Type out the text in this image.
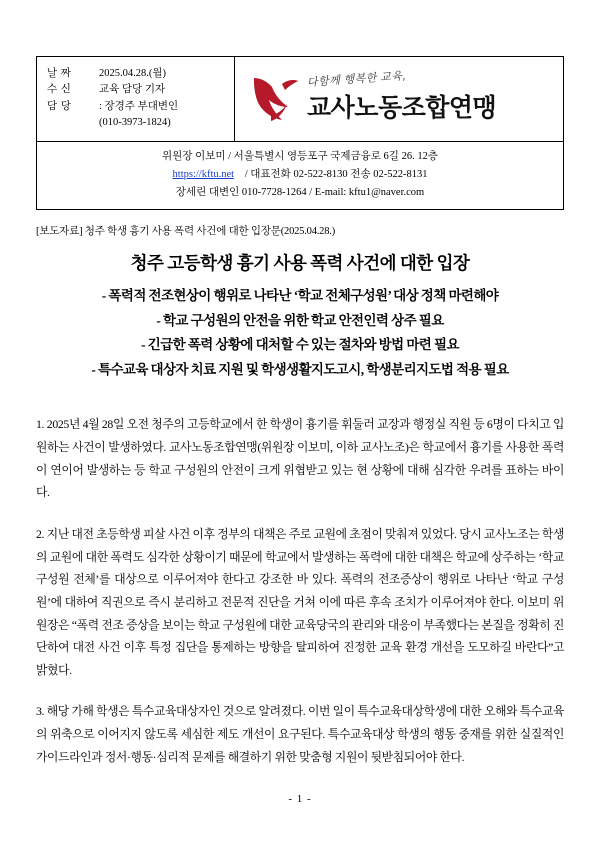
날 짜	2025.04.28.(월)
수 신	교육 담당 기자
담 당	: 장경주 부대변인
(010-3973-1824)
다함께 행복한 교육,
교사노동조합연맹
위원장 이보미 / 서울특별시 영등포구 국제금융로 6길 26. 12층
https://kftu.net / 대표전화 02-522-8130 전송 02-522-8131
장세린 대변인 010-7728-1264 / E-mail: kftu1@naver.com
[보도자료] 청주 학생 흉기 사용 폭력 사건에 대한 입장문(2025.04.28.)
청주 고등학생 흉기 사용 폭력 사건에 대한 입장
- 폭력적 전조현상이 행위로 나타난 ‘학교 전체구성원’ 대상 정책 마련해야
- 학교 구성원의 안전을 위한 학교 안전인력 상주 필요
- 긴급한 폭력 상황에 대처할 수 있는 절차와 방법 마련 필요
- 특수교육 대상자 치료 지원 및 학생생활지도고시, 학생분리지도법 적용 필요

1. 2025년 4월 28일 오전 청주의 고등학교에서 한 학생이 흉기를 휘둘러 교장과 행정실 직원 등 6명이 다치고 입원하는 사건이 발생하였다. 교사노동조합연맹(위원장 이보미, 이하 교사노조)은 학교에서 흉기를 사용한 폭력이 연이어 발생하는 등 학교 구성원의 안전이 크게 위협받고 있는 현 상황에 대해 심각한 우려를 표하는 바이다.

2. 지난 대전 초등학생 피살 사건 이후 정부의 대책은 주로 교원에 초점이 맞춰져 있었다. 당시 교사노조는 학생의 교원에 대한 폭력도 심각한 상황이기 때문에 학교에서 발생하는 폭력에 대한 대책은 학교에 상주하는 ‘학교 구성원 전체’를 대상으로 이루어져야 한다고 강조한 바 있다. 폭력의 전조증상이 행위로 나타난 ‘학교 구성원’에 대하여 직권으로 즉시 분리하고 전문적 진단을 거쳐 이에 따른 후속 조치가 이루어져야 한다. 이보미 위원장은 “폭력 전조 증상을 보이는 학교 구성원에 대한 교육당국의 관리와 대응이 부족했다는 본질을 정확히 진단하여 대전 사건 이후 특정 집단을 통제하는 방향을 탈피하여 진정한 교육 환경 개선을 도모하길 바란다”고 밝혔다.

3. 해당 가해 학생은 특수교육대상자인 것으로 알려졌다. 이번 일이 특수교육대상학생에 대한 오해와 특수교육의 위축으로 이어지지 않도록 세심한 제도 개선이 요구된다. 특수교육대상 학생의 행동 중재를 위한 실질적인 가이드라인과 정서·행동·심리적 문제를 해결하기 위한 맞춤형 지원이 뒷받침되어야 한다.

- 1 -
